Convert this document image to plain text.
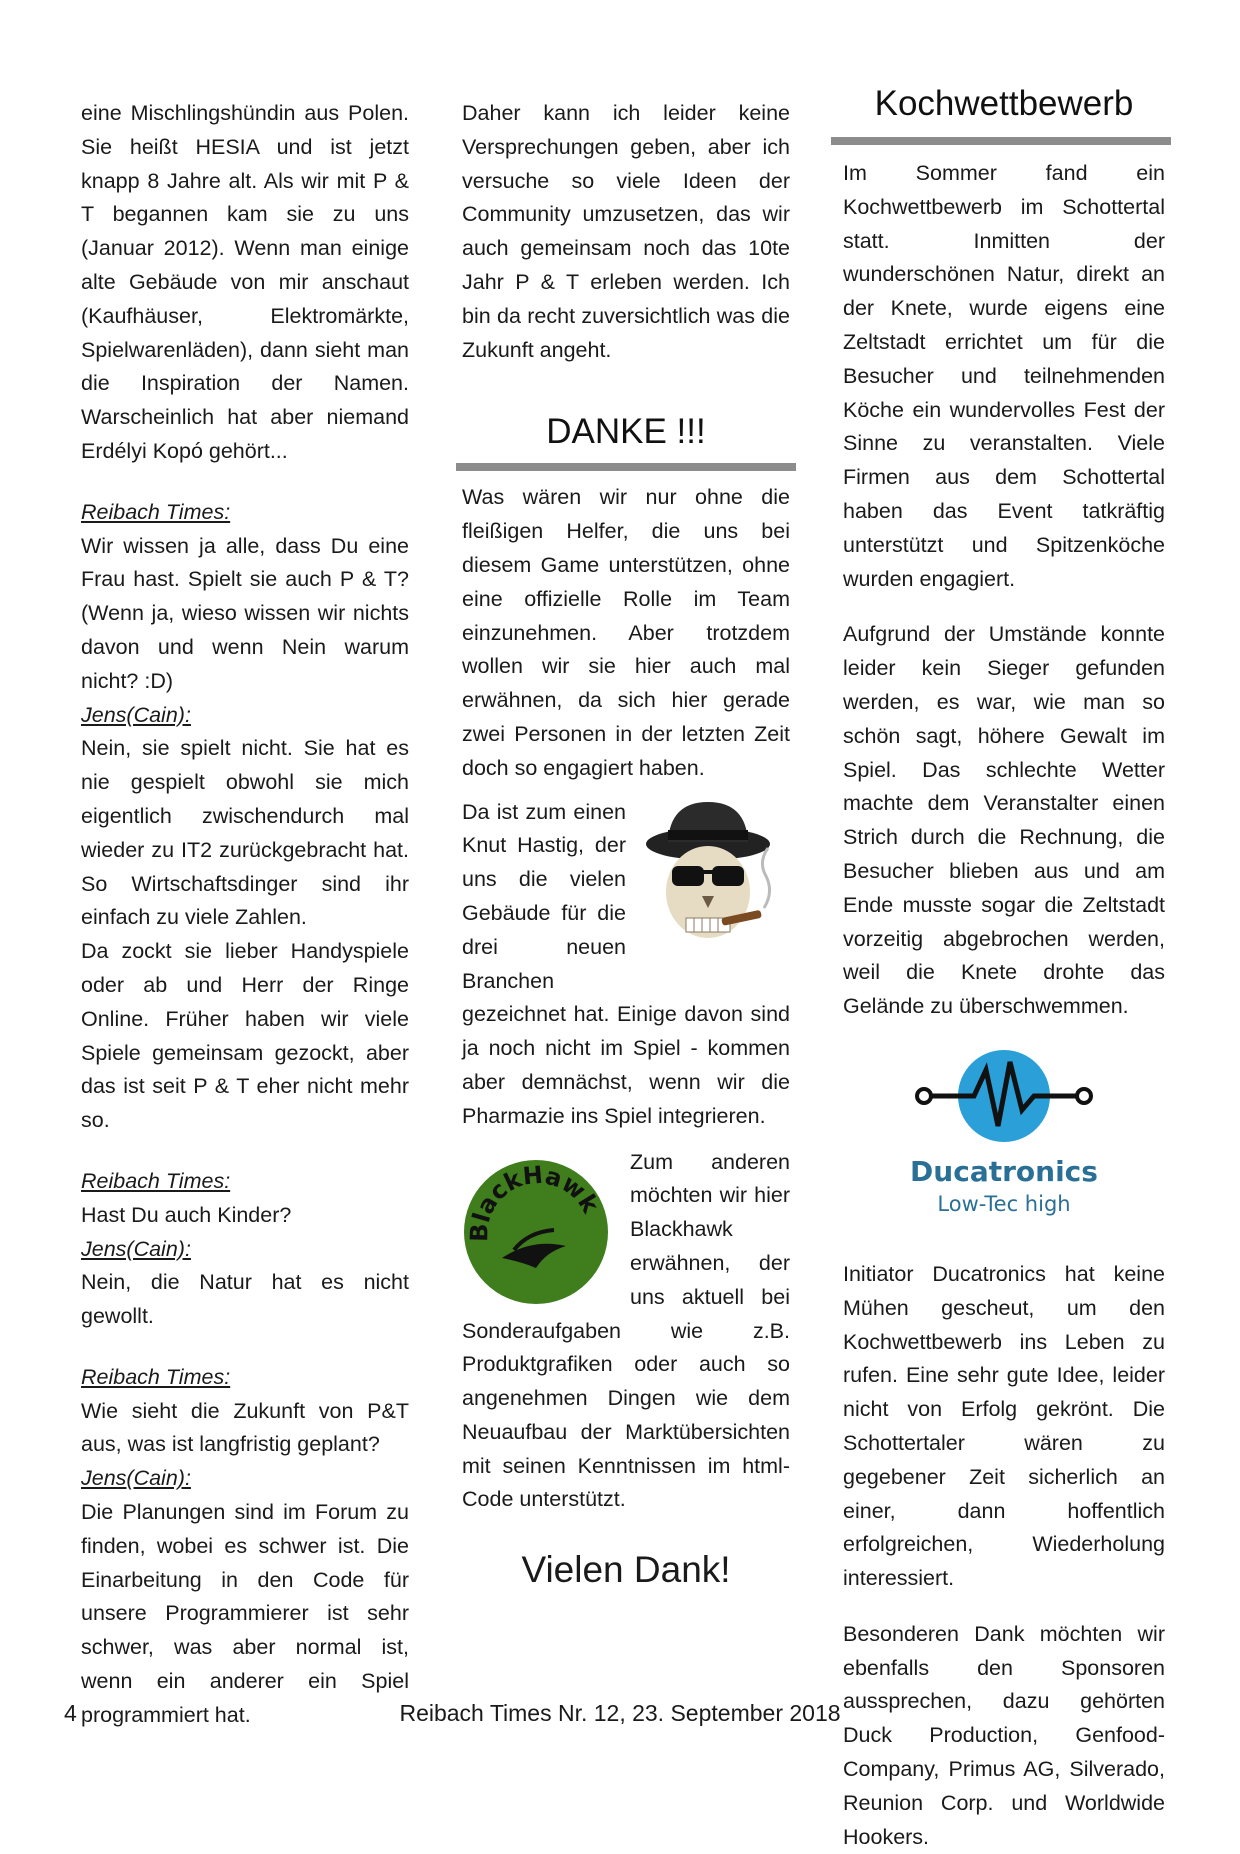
eine Mischlingshündin aus Polen. Sie heißt HESIA und ist jetzt knapp 8 Jahre alt. Als wir mit P & T begannen kam sie zu uns (Januar 2012). Wenn man einige alte Gebäude von mir anschaut (Kaufhäuser, Elektromärkte, Spielwarenläden), dann sieht man die Inspiration der Namen. Warscheinlich hat aber niemand Erdélyi Kopó gehört...

Reibach Times:

Wir wissen ja alle, dass Du eine Frau hast. Spielt sie auch P & T? (Wenn ja, wieso wissen wir nichts davon und wenn Nein warum nicht? :D)

Jens(Cain):

Nein, sie spielt nicht. Sie hat es nie gespielt obwohl sie mich eigentlich zwischendurch mal wieder zu IT2 zurückgebracht hat. So Wirtschaftsdinger sind ihr einfach zu viele Zahlen.

Da zockt sie lieber Handyspiele oder ab und Herr der Ringe Online. Früher haben wir viele Spiele gemeinsam gezockt, aber das ist seit P & T eher nicht mehr so.

Reibach Times:

Hast Du auch Kinder?

Jens(Cain):

Nein, die Natur hat es nicht gewollt.

Reibach Times:

Wie sieht die Zukunft von P&T aus, was ist langfristig geplant?

Jens(Cain):

Die Planungen sind im Forum zu finden, wobei es schwer ist. Die Einarbeitung in den Code für unsere Programmierer ist sehr schwer, was aber normal ist, wenn ein anderer ein Spiel programmiert hat.

Daher kann ich leider keine Versprechungen geben, aber ich versuche so viele Ideen der Community umzusetzen, das wir auch gemeinsam noch das 10te Jahr P & T erleben werden. Ich bin da recht zuversichtlich was die Zukunft angeht.

DANKE !!!

Was wären wir nur ohne die fleißigen Helfer, die uns bei diesem Game unterstützen, ohne eine offizielle Rolle im Team einzunehmen. Aber trotzdem wollen wir sie hier auch mal erwähnen, da sich hier gerade zwei Personen in der letzten Zeit doch so engagiert haben.

Da ist zum einen Knut Hastig, der uns die vielen Gebäude für die drei neuen Branchen gezeichnet hat. Einige davon sind ja noch nicht im Spiel - kommen aber demnächst, wenn wir die Pharmazie ins Spiel integrieren.

BlackHawk

Zum anderen möchten wir hier Blackhawk erwähnen, der uns aktuell bei Sonderaufgaben wie z.B. Produktgrafiken oder auch so angenehmen Dingen wie dem Neuaufbau der Marktübersichten mit seinen Kenntnissen im html-Code unterstützt.

Vielen Dank!
Kochwettbewerb

Im Sommer fand ein Kochwettbewerb im Schottertal statt. Inmitten der wunderschönen Natur, direkt an der Knete, wurde eigens eine Zeltstadt errichtet um für die Besucher und teilnehmenden Köche ein wundervolles Fest der Sinne zu veranstalten. Viele Firmen aus dem Schottertal haben das Event tatkräftig unterstützt und Spitzenköche wurden engagiert.

Aufgrund der Umstände konnte leider kein Sieger gefunden werden, es war, wie man so schön sagt, höhere Gewalt im Spiel. Das schlechte Wetter machte dem Veranstalter einen Strich durch die Rechnung, die Besucher blieben aus und am Ende musste sogar die Zeltstadt vorzeitig abgebrochen werden, weil die Knete drohte das Gelände zu überschwemmen.

Ducatronics
Low-Tec high

Initiator Ducatronics hat keine Mühen gescheut, um den Kochwettbewerb ins Leben zu rufen. Eine sehr gute Idee, leider nicht von Erfolg gekrönt. Die Schottertaler wären zu gegebener Zeit sicherlich an einer, dann hoffentlich erfolgreichen, Wiederholung interessiert.

Besonderen Dank möchten wir ebenfalls den Sponsoren aussprechen, dazu gehörten Duck Production, Genfood-Company, Primus AG, Silverado, Reunion Corp. und Worldwide Hookers.

4	Reibach Times Nr. 12, 23. September 2018
